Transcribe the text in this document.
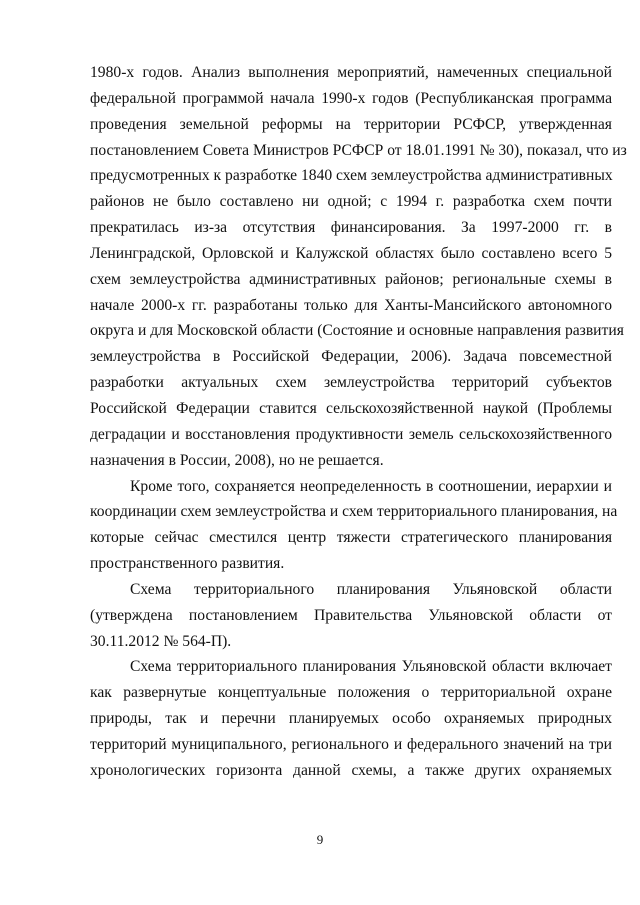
1980-х годов. Анализ выполнения мероприятий, намеченных специальной
федеральной программой начала 1990-х годов (Республиканская программа
проведения земельной реформы на территории РСФСР, утвержденная
постановлением Совета Министров РСФСР от 18.01.1991 № 30), показал, что из
предусмотренных к разработке 1840 схем землеустройства административных
районов не было составлено ни одной; с 1994 г. разработка схем почти
прекратилась из-за отсутствия финансирования. За 1997-2000 гг. в
Ленинградской, Орловской и Калужской областях было составлено всего 5
схем землеустройства административных районов; региональные схемы в
начале 2000-х гг. разработаны только для Ханты-Мансийского автономного
округа и для Московской области (Состояние и основные направления развития
землеустройства в Российской Федерации, 2006). Задача повсеместной
разработки актуальных схем землеустройства территорий субъектов
Российской Федерации ставится сельскохозяйственной наукой (Проблемы
деградации и восстановления продуктивности земель сельскохозяйственного
назначения в России, 2008), но не решается.
Кроме того, сохраняется неопределенность в соотношении, иерархии и
координации схем землеустройства и схем территориального планирования, на
которые сейчас сместился центр тяжести стратегического планирования
пространственного развития.
Схема территориального планирования Ульяновской области
(утверждена постановлением Правительства Ульяновской области от
30.11.2012 № 564-П).
Схема территориального планирования Ульяновской области включает
как развернутые концептуальные положения о территориальной охране
природы, так и перечни планируемых особо охраняемых природных
территорий муниципального, регионального и федерального значений на три
хронологических горизонта данной схемы, а также других охраняемых
9
